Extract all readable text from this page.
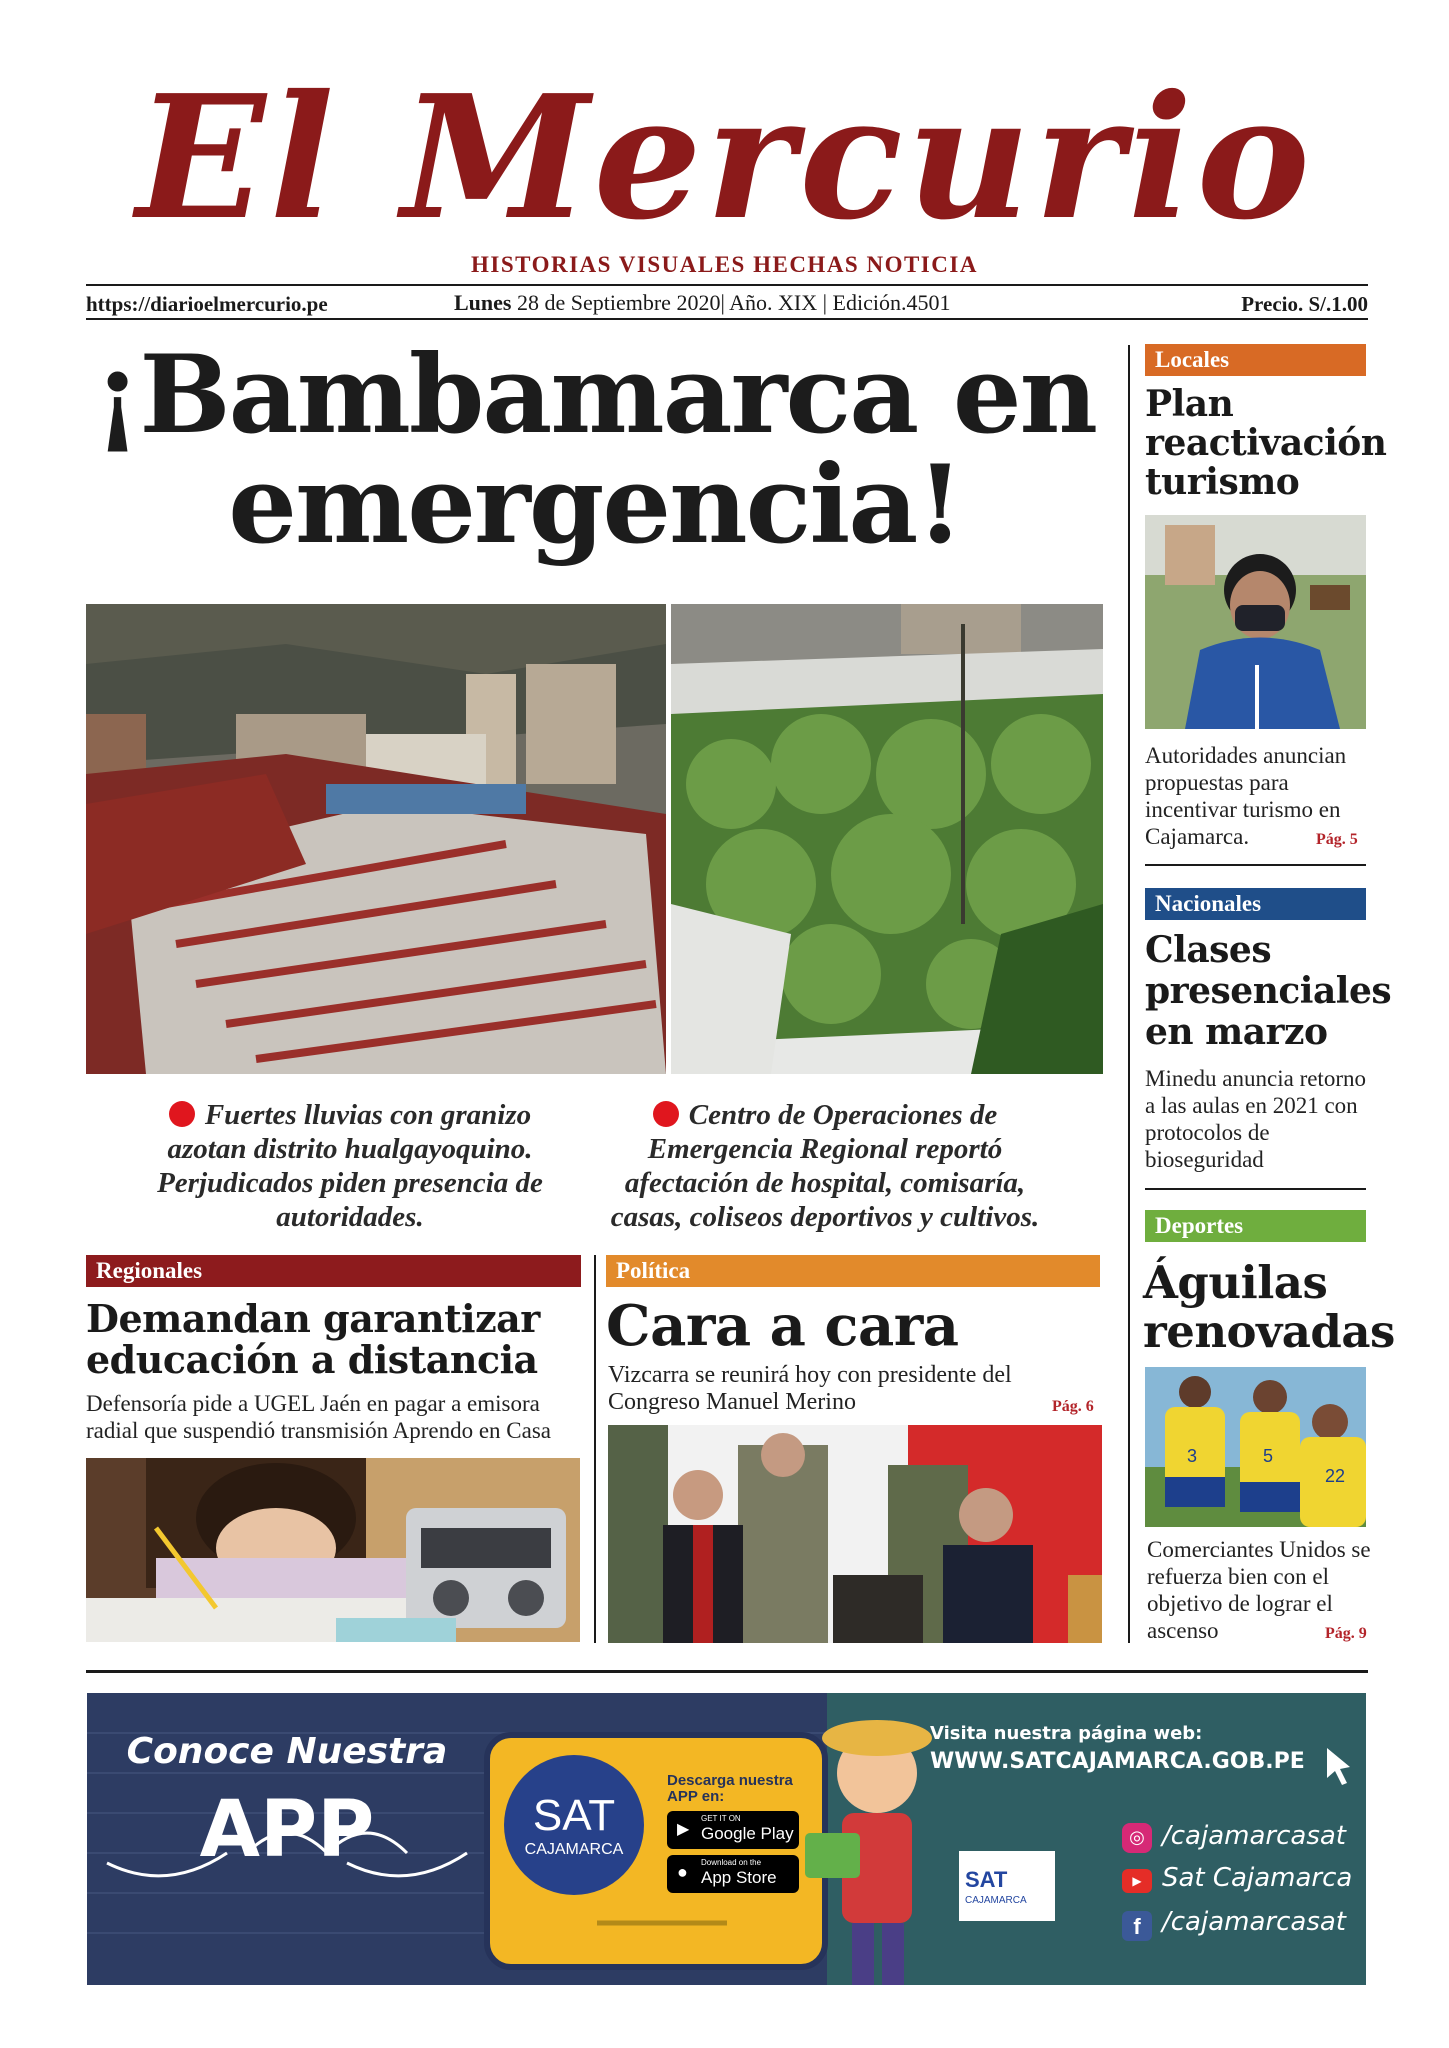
El Mercurio
HISTORIAS VISUALES HECHAS NOTICIA
https://diarioelmercurio.pe	Lunes 28 de Septiembre 2020| Año. XIX | Edición.4501	Precio. S/.1.00
¡Bambamarca en
emergencia!
Fuertes lluvias con granizo azotan distrito hualgayoquino. Perjudicados piden presencia de autoridades.
Centro de Operaciones de Emergencia Regional reportó afectación de hospital, comisaría, casas, coliseos deportivos y cultivos.
Regionales
Demandan garantizar
educación a distancia
Defensoría pide a UGEL Jaén en pagar a emisora radial que suspendió transmisión Aprendo en Casa
Política
Cara a cara
Vizcarra se reunirá hoy con presidente del Congreso Manuel Merino	Pág. 6
Locales
Plan reactivación turismo
Autoridades anuncian propuestas para incentivar turismo en Cajamarca.	Pág. 5
Nacionales
Clases presenciales en marzo
Minedu anuncia retorno a las aulas en 2021 con protocolos de bioseguridad
Deportes
Águilas
renovadas
3	5
22
Comerciantes Unidos se refuerza bien con el objetivo de lograr el ascenso	Pág. 9
Conoce Nuestra
APP	SAT
CAJAMARCA
Descarga nuestra APP en:
▶
GET IT ON
Google Play
● Download on the
App Store
Visita nuestra página web:
WWW.SATCAJAMARCA.GOB.PE
SAT
CAJAMARCA
◎ /cajamarcasat
▶ Sat Cajamarca
f /cajamarcasat
